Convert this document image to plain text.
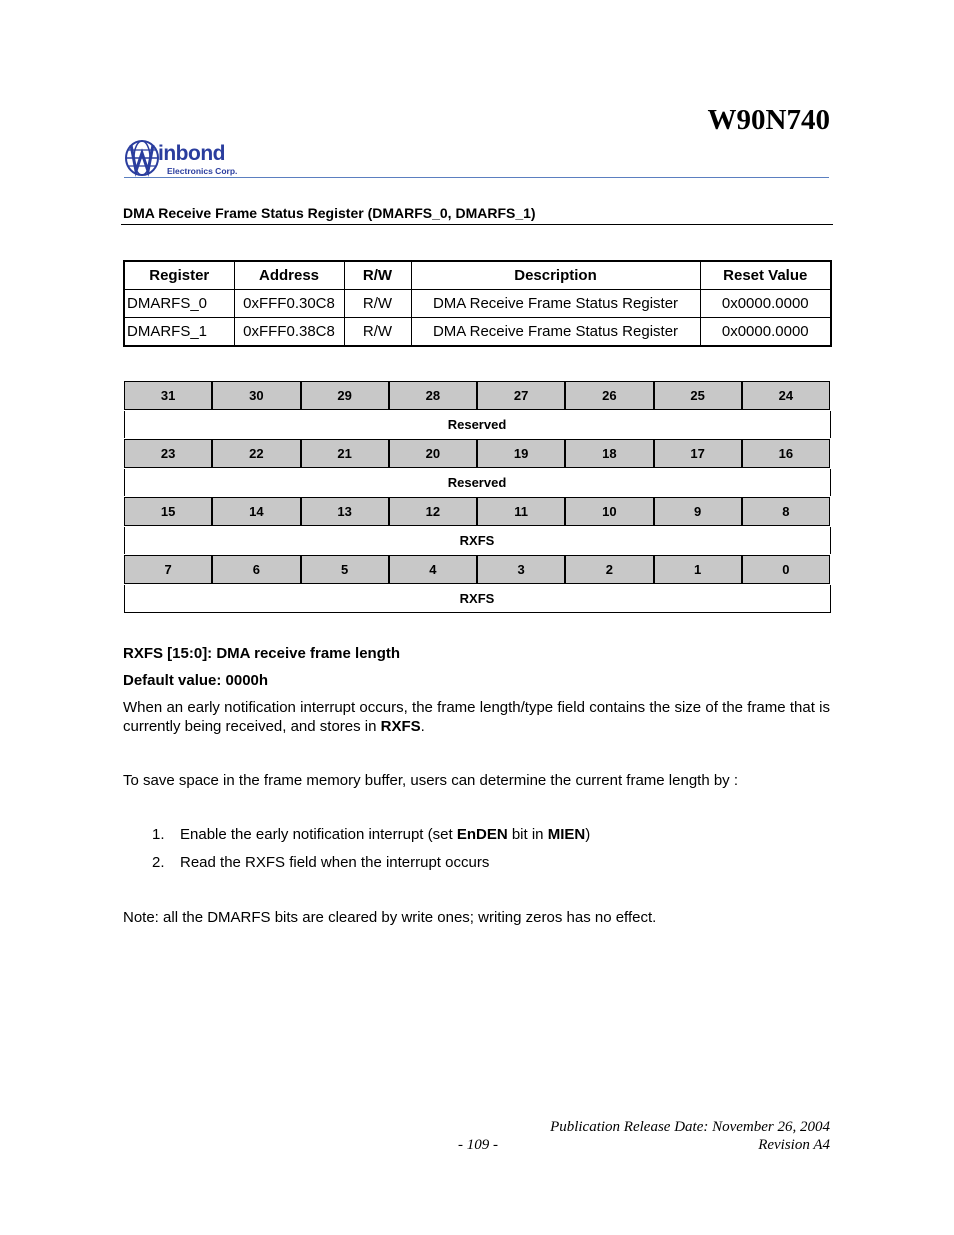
W90N740
inbond
Electronics Corp.
DMA Receive Frame Status Register (DMARFS_0, DMARFS_1)
Register	Address	R/W	Description	Reset Value
DMARFS_0	0xFFF0.30C8	R/W	DMA Receive Frame Status Register	0x0000.0000
DMARFS_1	0xFFF0.38C8	R/W	DMA Receive Frame Status Register	0x0000.0000
31	30	29	28	27	26	25	24
Reserved							
23	22	21	20	19	18	17	16
Reserved							
15	14	13	12	11	10	9	8
RXFS							
7	6	5	4	3	2	1	0
RXFS							
RXFS [15:0]: DMA receive frame length
Default value: 0000h
When an early notification interrupt occurs, the frame length/type field contains the size of the frame that is currently being received, and stores in RXFS.
To save space in the frame memory buffer, users can determine the current frame length by :
1. Enable the early notification interrupt (set EnDEN bit in MIEN)
2. Read the RXFS field when the interrupt occurs
Note: all the DMARFS bits are cleared by write ones; writing zeros has no effect.
Publication Release Date: November 26, 2004
- 109 -	Revision A4
